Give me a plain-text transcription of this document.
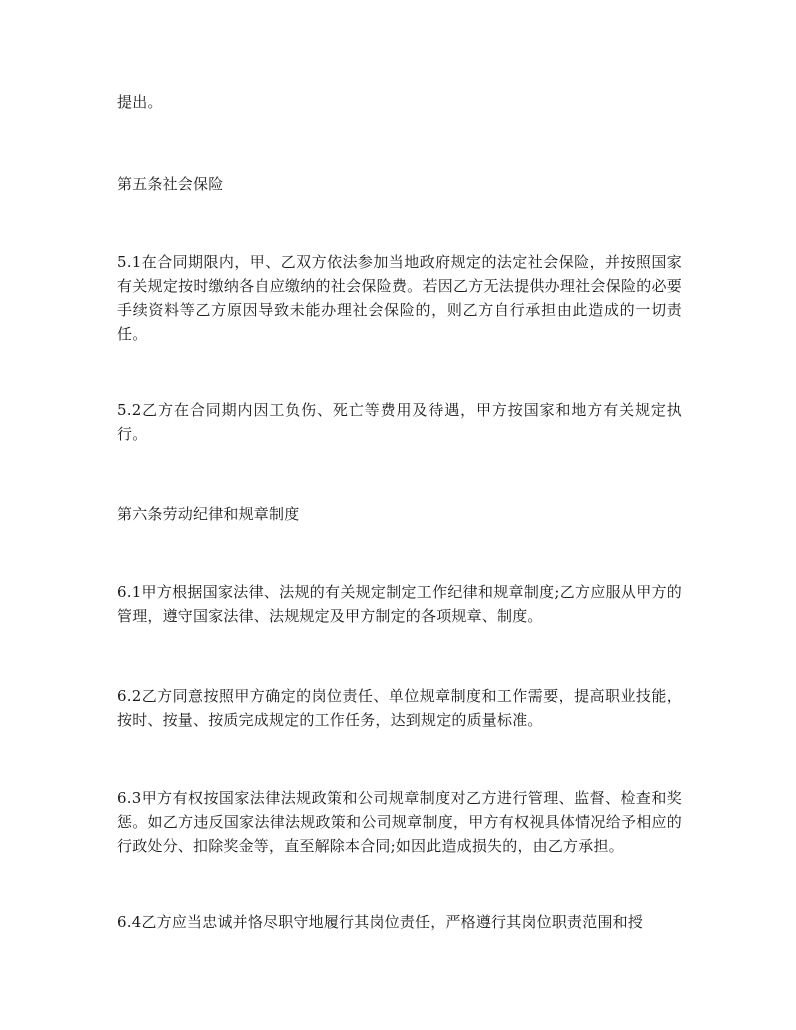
提出。

第五条社会保险

5.1在合同期限内，甲、乙双方依法参加当地政府规定的法定社会保险，并按照国家有关规定按时缴纳各自应缴纳的社会保险费。若因乙方无法提供办理社会保险的必要手续资料等乙方原因导致未能办理社会保险的，则乙方自行承担由此造成的一切责任。

5.2乙方在合同期内因工负伤、死亡等费用及待遇，甲方按国家和地方有关规定执行。

第六条劳动纪律和规章制度

6.1甲方根据国家法律、法规的有关规定制定工作纪律和规章制度;乙方应服从甲方的管理，遵守国家法律、法规规定及甲方制定的各项规章、制度。

6.2乙方同意按照甲方确定的岗位责任、单位规章制度和工作需要，提高职业技能，按时、按量、按质完成规定的工作任务，达到规定的质量标准。

6.3甲方有权按国家法律法规政策和公司规章制度对乙方进行管理、监督、检查和奖惩。如乙方违反国家法律法规政策和公司规章制度，甲方有权视具体情况给予相应的行政处分、扣除奖金等，直至解除本合同;如因此造成损失的，由乙方承担。

6.4乙方应当忠诚并恪尽职守地履行其岗位责任，严格遵行其岗位职责范围和授
